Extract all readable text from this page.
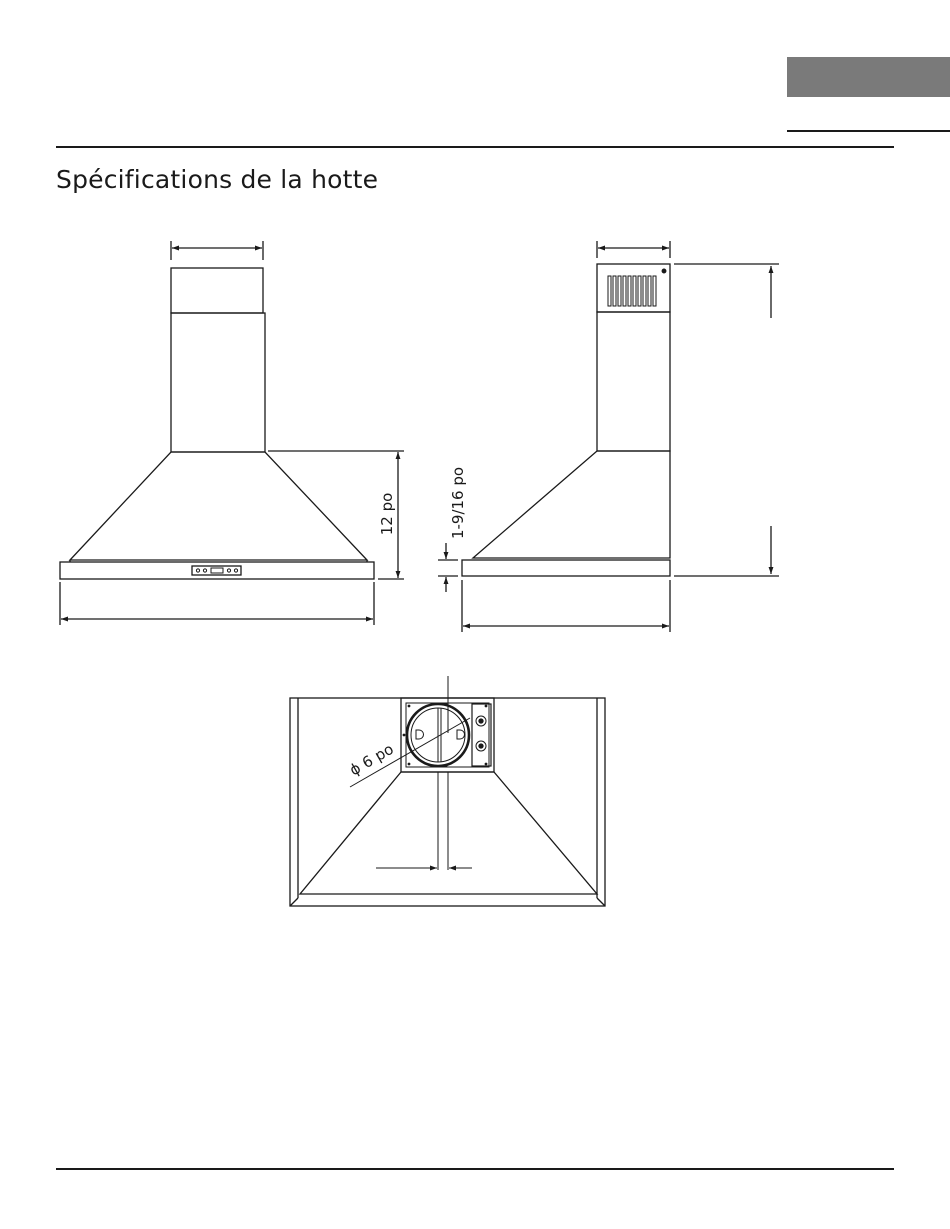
Spécifications de la hotte
12 po	1-9/16 po
ϕ 6 po
